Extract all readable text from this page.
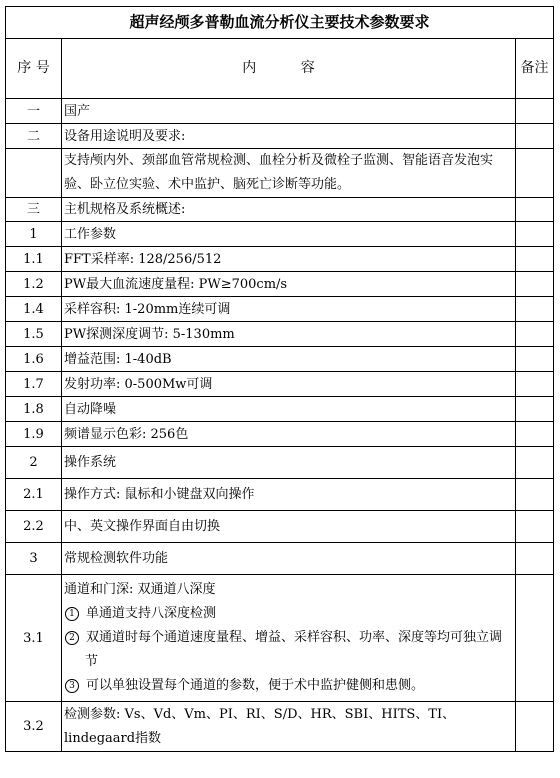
超声经颅多普勒血流分析仪主要技术参数要求		
序 号	内 容	备注
一	国产	
二	设备用途说明及要求:	
	支持颅内外、颈部血管常规检测、血栓分析及微栓子监测、智能语音发泡实验、卧立位实验、术中监护、脑死亡诊断等功能。	
三	主机规格及系统概述:	
1	工作参数	
1.1	FFT采样率: 128/256/512	
1.2	PW最大血流速度量程: PW≥700cm/s	
1.4	采样容积: 1-20mm连续可调	
1.5	PW探测深度调节: 5-130mm	
1.6	增益范围: 1-40dB	
1.7	发射功率: 0-500Mw可调	
1.8	自动降噪	
1.9	频谱显示色彩: 256色	
2	操作系统	
2.1	操作方式: 鼠标和小键盘双向操作	
2.2	中、英文操作界面自由切换	
3	常规检测软件功能	
3.1	通道和门深: 双通道八深度
1 单通道支持八深度检测
2 双通道时每个通道速度量程、增益、采样容积、功率、深度等均可独立调
节
3 可以单独设置每个通道的参数，便于术中监护健侧和患侧。	

3.2	检测参数: Vs、Vd、Vm、PI、RI、S/D、HR、SBI、HITS、TI、lindegaard指数	
